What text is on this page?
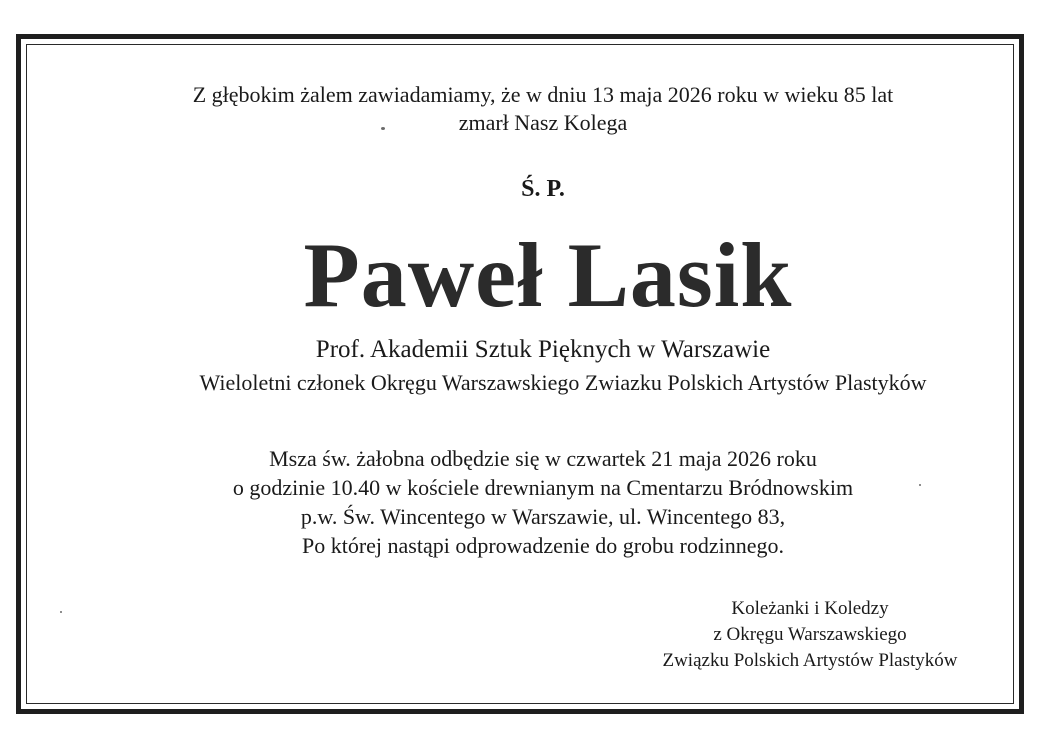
Z głębokim żalem zawiadamiamy, że w dniu 13 maja 2026 roku w wieku 85 lat
zmarł Nasz Kolega
Ś. P.
Paweł Lasik
Prof. Akademii Sztuk Pięknych w Warszawie
Wieloletni członek Okręgu Warszawskiego Zwiazku Polskich Artystów Plastyków
Msza św. żałobna odbędzie się w czwartek 21 maja 2026 roku
o godzinie 10.40 w kościele drewnianym na Cmentarzu Bródnowskim
p.w. Św. Wincentego w Warszawie, ul. Wincentego 83,
Po której nastąpi odprowadzenie do grobu rodzinnego.
Koleżanki i Koledzy
z Okręgu Warszawskiego
Związku Polskich Artystów Plastyków
